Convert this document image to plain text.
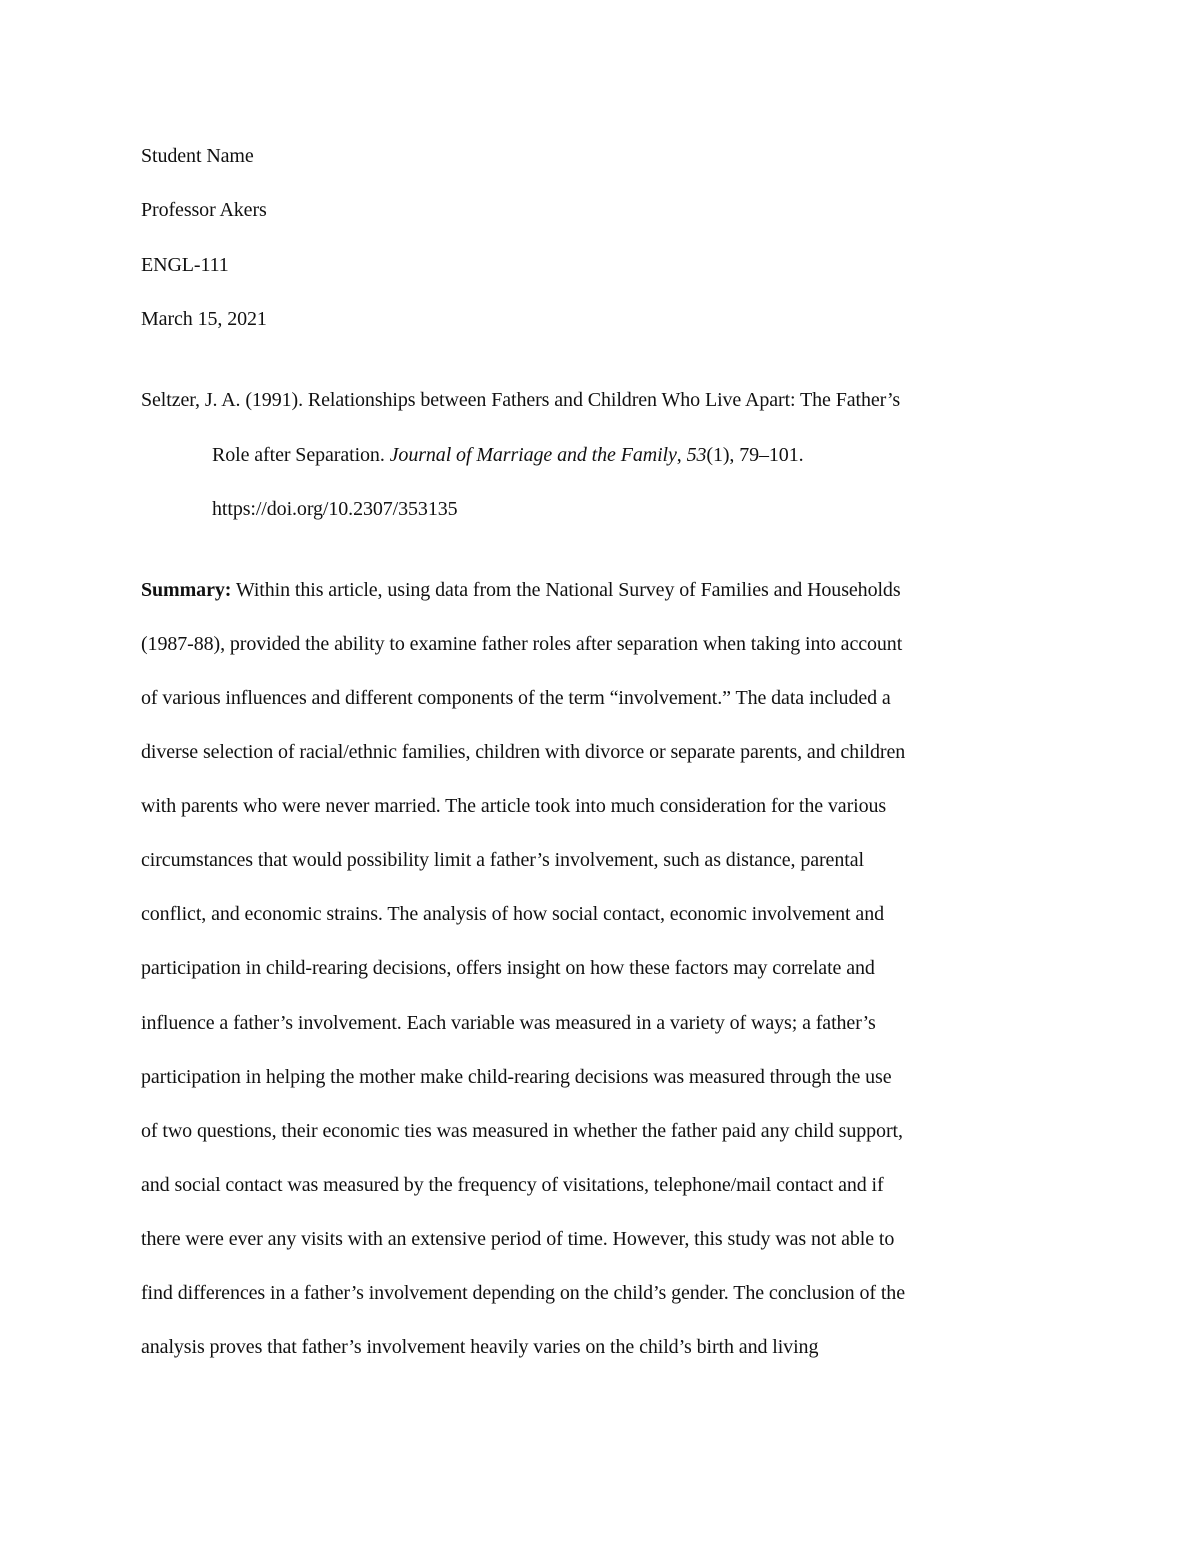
Student Name
Professor Akers
ENGL-111
March 15, 2021
Seltzer, J. A. (1991). Relationships between Fathers and Children Who Live Apart: The Father’s
Role after Separation. Journal of Marriage and the Family, 53(1), 79–101.
https://doi.org/10.2307/353135
Summary: Within this article, using data from the National Survey of Families and Households
(1987-88), provided the ability to examine father roles after separation when taking into account
of various influences and different components of the term “involvement.” The data included a
diverse selection of racial/ethnic families, children with divorce or separate parents, and children
with parents who were never married. The article took into much consideration for the various
circumstances that would possibility limit a father’s involvement, such as distance, parental
conflict, and economic strains. The analysis of how social contact, economic involvement and
participation in child-rearing decisions, offers insight on how these factors may correlate and
influence a father’s involvement. Each variable was measured in a variety of ways; a father’s
participation in helping the mother make child-rearing decisions was measured through the use
of two questions, their economic ties was measured in whether the father paid any child support,
and social contact was measured by the frequency of visitations, telephone/mail contact and if
there were ever any visits with an extensive period of time. However, this study was not able to
find differences in a father’s involvement depending on the child’s gender. The conclusion of the
analysis proves that father’s involvement heavily varies on the child’s birth and living
